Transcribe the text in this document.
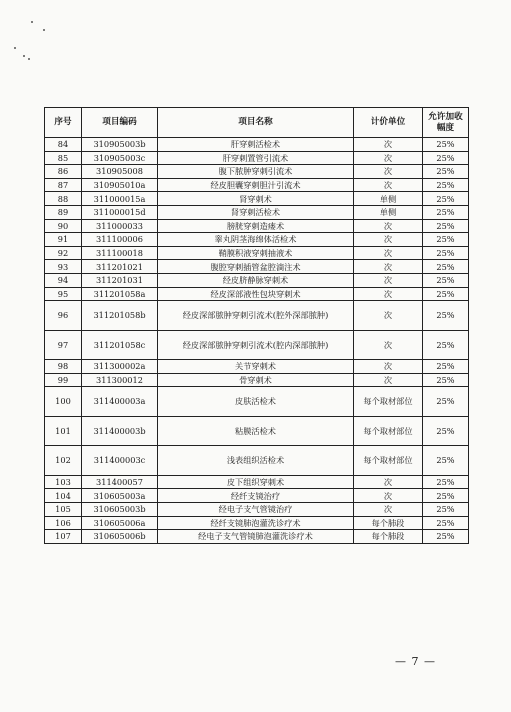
序号	项目编码	项目名称	计价单位	允许加收幅度
84	310905003b	肝穿刺活检术	次	25%
85	310905003c	肝穿刺置管引流术	次	25%
86	310905008	腹下脓肿穿刺引流术	次	25%
87	310905010a	经皮胆囊穿刺胆汁引流术	次	25%
88	311000015a	肾穿刺术	单侧	25%
89	311000015d	肾穿刺活检术	单侧	25%
90	311000033	膀胱穿刺造瘘术	次	25%
91	311100006	睾丸阴茎海绵体活检术	次	25%
92	311100018	鞘膜积液穿刺抽液术	次	25%
93	311201021	腹腔穿刺插管盆腔滴注术	次	25%
94	311201031	经皮脐静脉穿刺术	次	25%
95	311201058a	经皮深部液性包块穿刺术	次	25%
96	311201058b	经皮深部脓肿穿刺引流术(腔外深部脓肿)	次	25%
97	311201058c	经皮深部脓肿穿刺引流术(腔内深部脓肿)	次	25%
98	311300002a	关节穿刺术	次	25%
99	311300012	骨穿刺术	次	25%
100	311400003a	皮肤活检术	每个取材部位	25%
101	311400003b	粘膜活检术	每个取材部位	25%
102	311400003c	浅表组织活检术	每个取材部位	25%
103	311400057	皮下组织穿刺术	次	25%
104	310605003a	经纤支镜治疗	次	25%
105	310605003b	经电子支气管镜治疗	次	25%
106	310605006a	经纤支镜肺泡灌洗诊疗术	每个肺段	25%
107	310605006b	经电子支气管镜肺泡灌洗诊疗术	每个肺段	25%
— 7 —
